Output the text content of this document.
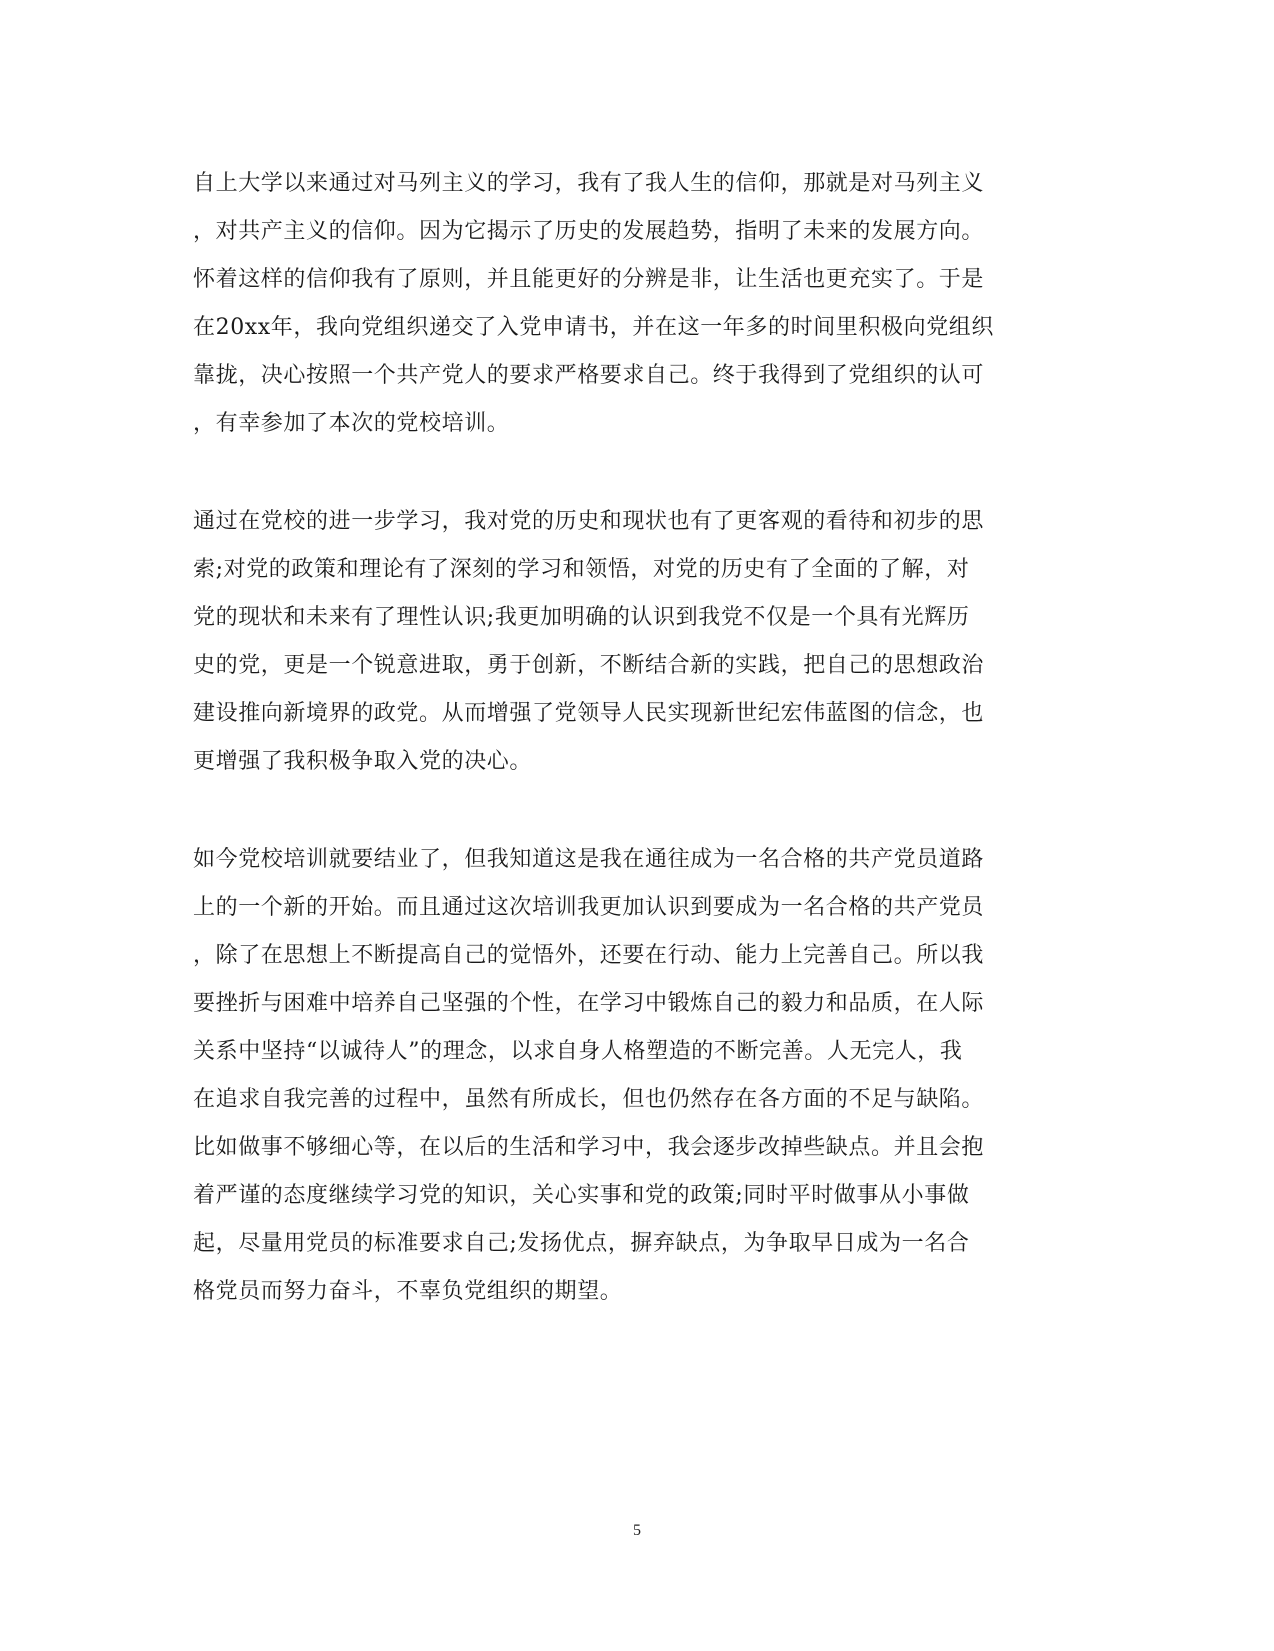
自上大学以来通过对马列主义的学习，我有了我人生的信仰，那就是对马列主义
，对共产主义的信仰。因为它揭示了历史的发展趋势，指明了未来的发展方向。
怀着这样的信仰我有了原则，并且能更好的分辨是非，让生活也更充实了。于是
在20xx年，我向党组织递交了入党申请书，并在这一年多的时间里积极向党组织
靠拢，决心按照一个共产党人的要求严格要求自己。终于我得到了党组织的认可
，有幸参加了本次的党校培训。
通过在党校的进一步学习，我对党的历史和现状也有了更客观的看待和初步的思
索;对党的政策和理论有了深刻的学习和领悟，对党的历史有了全面的了解，对
党的现状和未来有了理性认识;我更加明确的认识到我党不仅是一个具有光辉历
史的党，更是一个锐意进取，勇于创新，不断结合新的实践，把自己的思想政治
建设推向新境界的政党。从而增强了党领导人民实现新世纪宏伟蓝图的信念，也
更增强了我积极争取入党的决心。
如今党校培训就要结业了，但我知道这是我在通往成为一名合格的共产党员道路
上的一个新的开始。而且通过这次培训我更加认识到要成为一名合格的共产党员
，除了在思想上不断提高自己的觉悟外，还要在行动、能力上完善自己。所以我
要挫折与困难中培养自己坚强的个性，在学习中锻炼自己的毅力和品质，在人际
关系中坚持“以诚待人”的理念，以求自身人格塑造的不断完善。人无完人，我
在追求自我完善的过程中，虽然有所成长，但也仍然存在各方面的不足与缺陷。
比如做事不够细心等，在以后的生活和学习中，我会逐步改掉些缺点。并且会抱
着严谨的态度继续学习党的知识，关心实事和党的政策;同时平时做事从小事做
起，尽量用党员的标准要求自己;发扬优点，摒弃缺点，为争取早日成为一名合
格党员而努力奋斗，不辜负党组织的期望。
5
